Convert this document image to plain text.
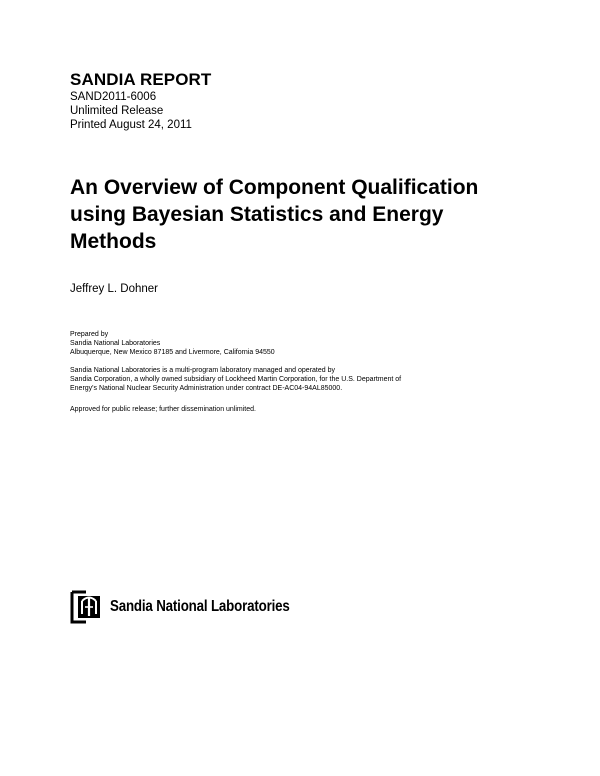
SANDIA REPORT

SAND2011-6006

Unlimited Release

Printed August 24, 2011

An Overview of Component Qualification
using Bayesian Statistics and Energy
Methods

Jeffrey L. Dohner

Prepared by
Sandia National Laboratories
Albuquerque, New Mexico 87185 and Livermore, California 94550
Sandia National Laboratories is a multi-program laboratory managed and operated by
Sandia Corporation, a wholly owned subsidiary of Lockheed Martin Corporation, for the U.S. Department of
Energy's National Nuclear Security Administration under contract DE-AC04-94AL85000.
Approved for public release; further dissemination unlimited.
Sandia National Laboratories
